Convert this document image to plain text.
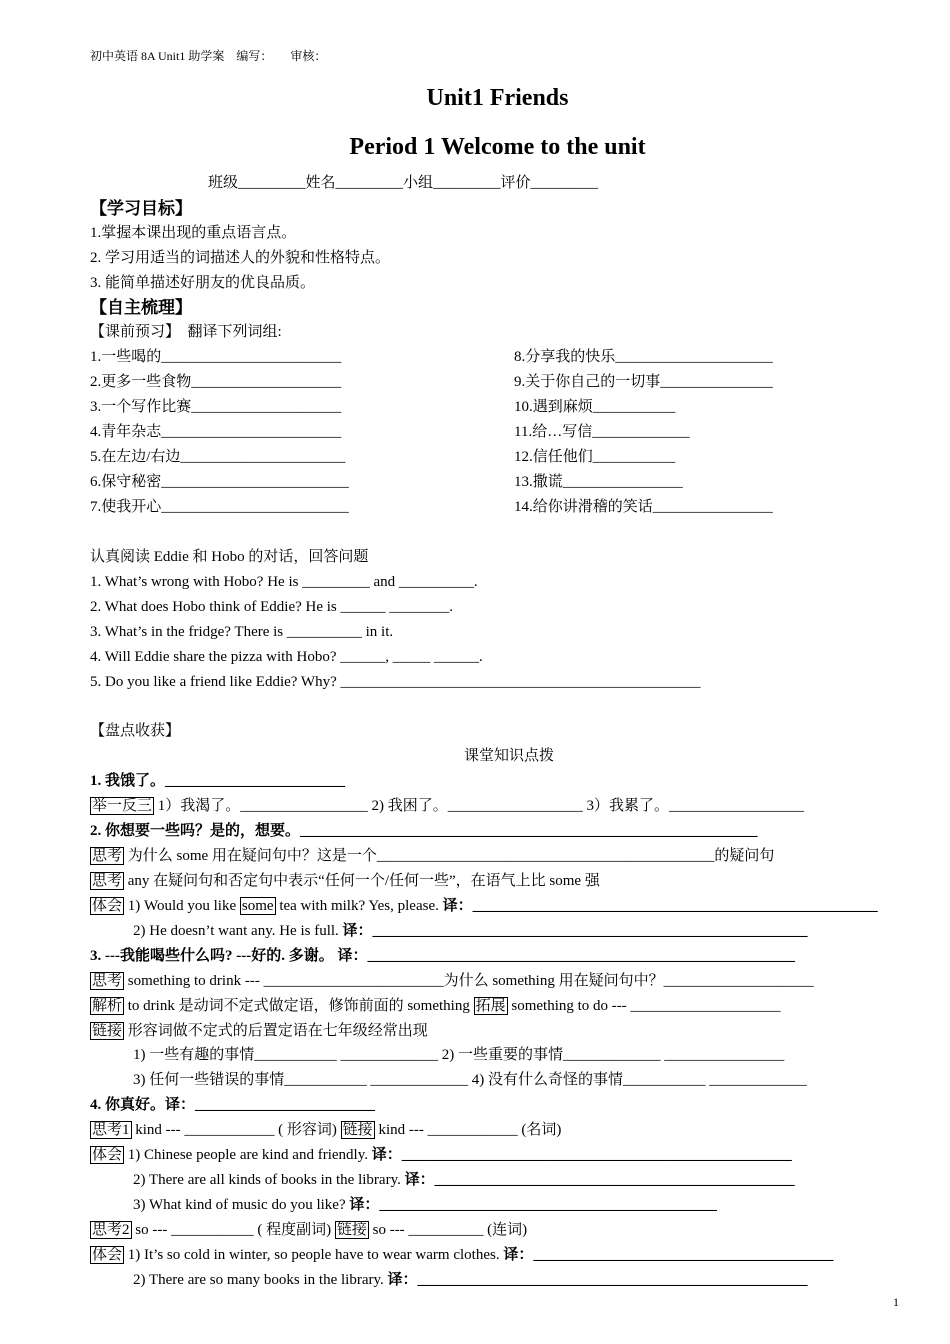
初中英语 8A Unit1 助学案　编写：　　审核：
Unit1 Friends
Period 1 Welcome to the unit
班级_________姓名_________小组_________评价_________
【学习目标】
1.掌握本课出现的重点语言点。
2. 学习用适当的词描述人的外貌和性格特点。
3. 能简单描述好朋友的优良品质。
【自主梳理】
【课前预习】　翻译下列词组:
1.一些喝的________________________
2.更多一些食物____________________
3.一个写作比赛____________________
4.青年杂志________________________
5.在左边/右边______________________
6.保守秘密_________________________
7.使我开心_________________________
8.分享我的快乐_____________________
9.关于你自己的一切事_______________
10.遇到麻烦___________
11.给…写信_____________
12.信任他们___________
13.撒谎________________
14.给你讲滑稽的笑话________________
认真阅读 Eddie 和 Hobo 的对话，回答问题
1. What’s wrong with Hobo? He is _________ and __________.
2. What does Hobo think of Eddie? He is ______ ________.
3. What’s in the fridge? There is __________ in it.
4. Will Eddie share the pizza with Hobo? ______, _____ ______.
5. Do you like a friend like Eddie? Why? ________________________________________________
【盘点收获】
课堂知识点拨
1. 我饿了。________________________
举一反三 1）我渴了。_________________ 2) 我困了。__________________ 3）我累了。__________________
2. 你想要一些吗？是的，想要。_____________________________________________________________
思考 为什么 some 用在疑问句中？这是一个_____________________________________________的疑问句
思考 any 在疑问句和否定句中表示“任何一个/任何一些”，在语气上比 some 强
体会 1) Would you like some tea with milk? Yes, please. 译：______________________________________________________
2) He doesn’t want any. He is full. 译：__________________________________________________________
3. ---我能喝些什么吗? ---好的. 多谢。 译：_________________________________________________________
思考 something to drink --- ________________________为什么 something 用在疑问句中？____________________
解析 to drink 是动词不定式做定语，修饰前面的 something 拓展 something to do --- ____________________
链接 形容词做不定式的后置定语在七年级经常出现
1) 一些有趣的事情___________ _____________ 2) 一些重要的事情_____________ ________________
3) 任何一些错误的事情___________ _____________ 4) 没有什么奇怪的事情___________ _____________
4. 你真好。译：________________________
思考1 kind --- ____________ ( 形容词) 链接 kind --- ____________ (名词)
体会 1) Chinese people are kind and friendly. 译：____________________________________________________
2) There are all kinds of books in the library. 译：________________________________________________
3) What kind of music do you like? 译：_____________________________________________
思考2 so --- ___________ ( 程度副词) 链接 so --- __________ (连词)
体会 1) It’s so cold in winter, so people have to wear warm clothes. 译：________________________________________
2) There are so many books in the library. 译：____________________________________________________
1
